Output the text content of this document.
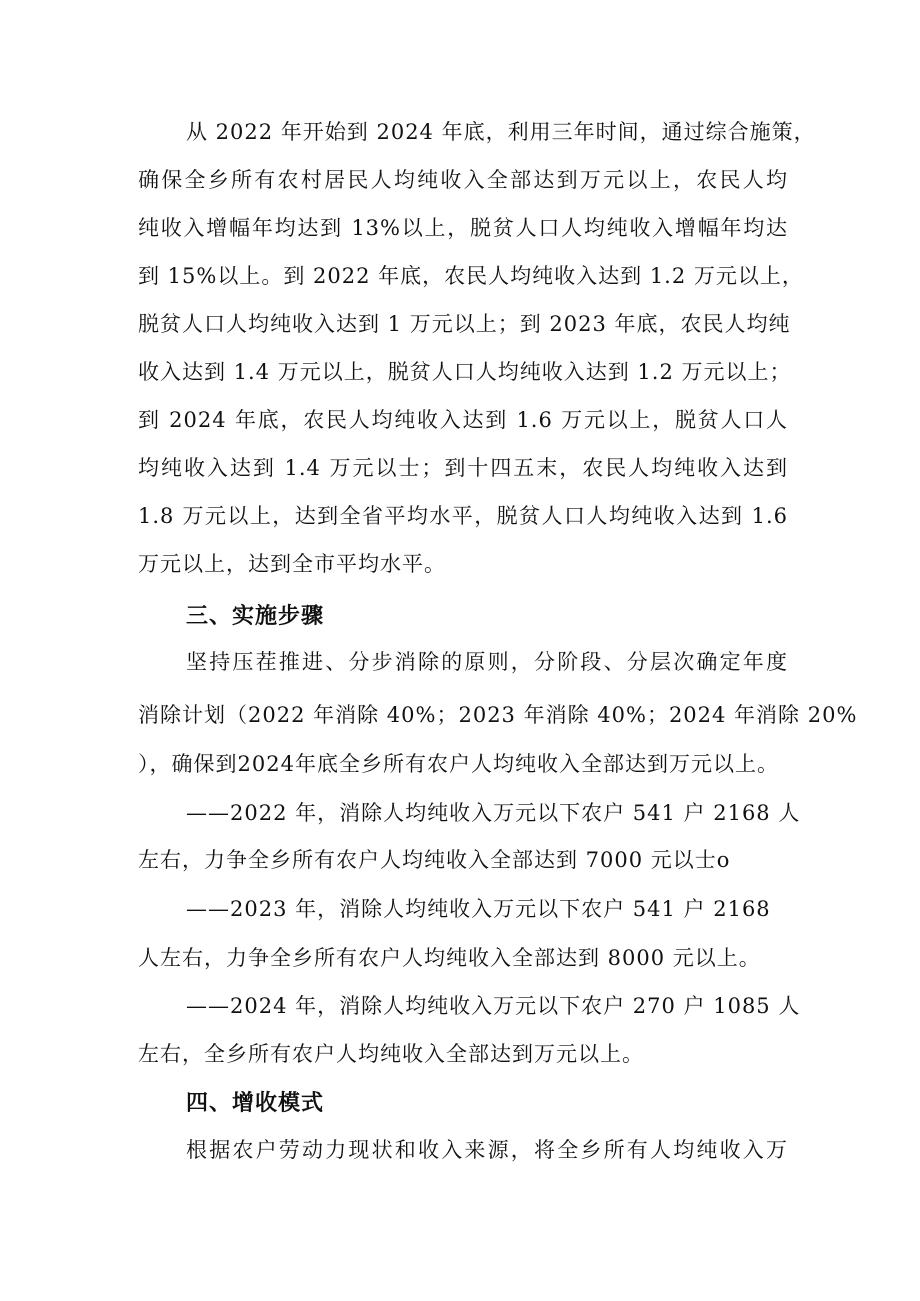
从 2022 年开始到 2024 年底，利用三年时间，通过综合施策，
确保全乡所有农村居民人均纯收入全部达到万元以上，农民人均
纯收入增幅年均达到 13%以上，脱贫人口人均纯收入增幅年均达
到 15%以上。到 2022 年底，农民人均纯收入达到 1.2 万元以上，
脱贫人口人均纯收入达到 1 万元以上；到 2023 年底，农民人均纯
收入达到 1.4 万元以上，脱贫人口人均纯收入达到 1.2 万元以上；
到 2024 年底，农民人均纯收入达到 1.6 万元以上，脱贫人口人
均纯收入达到 1.4 万元以士；到十四五末，农民人均纯收入达到
1.8 万元以上，达到全省平均水平，脱贫人口人均纯收入达到 1.6
万元以上，达到全市平均水平。
三、实施步骤
坚持压茬推进、分步消除的原则，分阶段、分层次确定年度
消除计划（2022 年消除 40%；2023 年消除 40%；2024 年消除 20%
），确保到2024年底全乡所有农户人均纯收入全部达到万元以上。
——2022 年，消除人均纯收入万元以下农户 541 户 2168 人
左右，力争全乡所有农户人均纯收入全部达到 7000 元以士o
——2023 年，消除人均纯收入万元以下农户 541 户 2168
人左右，力争全乡所有农户人均纯收入全部达到 8000 元以上。
——2024 年，消除人均纯收入万元以下农户 270 户 1085 人
左右，全乡所有农户人均纯收入全部达到万元以上。
四、增收模式
根据农户劳动力现状和收入来源，将全乡所有人均纯收入万
